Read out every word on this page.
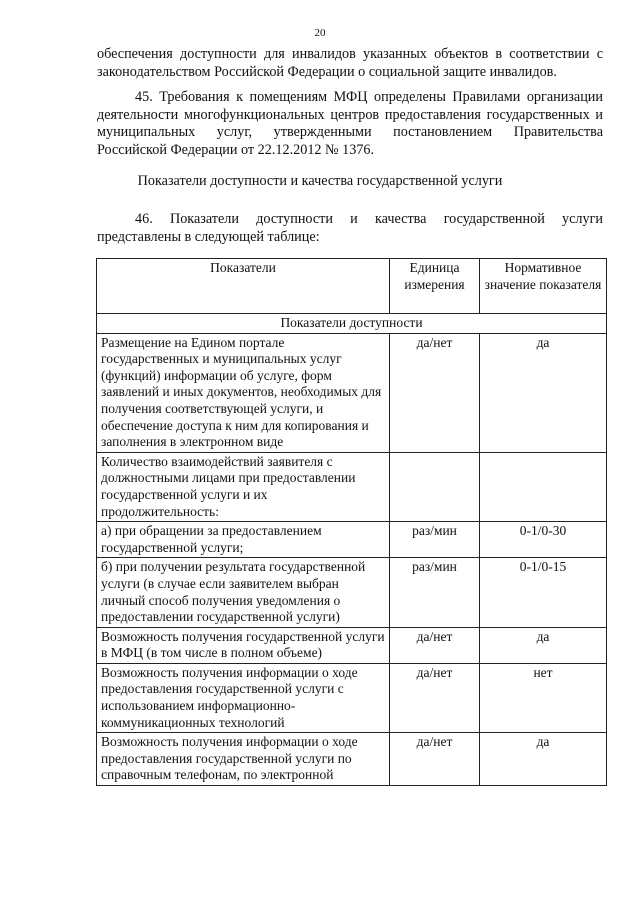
20
обеспечения доступности для инвалидов указанных объектов в соответствии с законодательством Российской Федерации о социальной защите инвалидов.
45. Требования к помещениям МФЦ определены Правилами организации деятельности многофункциональных центров предоставления государственных и муниципальных услуг, утвержденными постановлением Правительства Российской Федерации от 22.12.2012 № 1376.
Показатели доступности и качества государственной услуги
46. Показатели доступности и качества государственной услуги представлены в следующей таблице:
Показатели	Единица измерения	Нормативное значение показателя
Показатели доступности		
Размещение на Едином портале государственных и муниципальных услуг (функций) информации об услуге, форм заявлений и иных документов, необходимых для получения соответствующей услуги, и обеспечение доступа к ним для копирования и заполнения в электронном виде	да/нет	да
Количество взаимодействий заявителя с должностными лицами при предоставлении государственной услуги и их продолжительность:		
а) при обращении за предоставлением государственной услуги;	раз/мин	0-1/0-30
б) при получении результата государственной услуги (в случае если заявителем выбран личный способ получения уведомления о предоставлении государственной услуги)	раз/мин	0-1/0-15
Возможность получения государственной услуги в МФЦ (в том числе в полном объеме)	да/нет	да
Возможность получения информации о ходе предоставления государственной услуги с использованием информационно-коммуникационных технологий	да/нет	нет
Возможность получения информации о ходе предоставления государственной услуги по справочным телефонам, по электронной	да/нет	да
